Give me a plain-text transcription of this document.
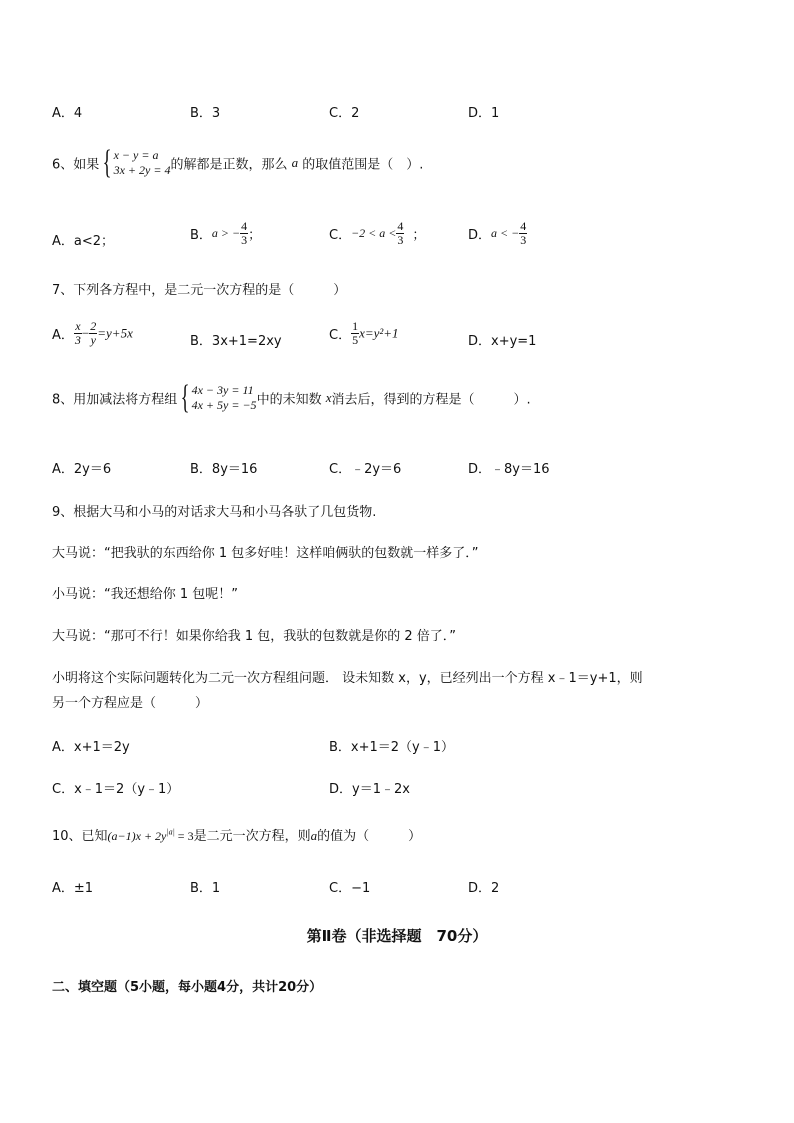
A．4	B．3	C．2	D．1
6、如果 { x − y = a
3x + 2y = 4 的解都是正数，那么 a 的取值范围是（　）.
A．a<2；	B．a > − $\frac{4}{3}$ ；	C．$-2 < a < \frac{4}{3}$ ；	D．a < − $\frac{4}{3}$
7、下列各方程中，是二元一次方程的是（　　　）
A． $\frac{x}{3} - \frac{2}{y} =y+5x$
B．3x+1=2xy	C． $\frac{1}{5} x=y^2+1$
D．x+y=1
8、用加减法将方程组 { 4x − 3y = 11
4x + 5y = −5 中的未知数 x消去后，得到的方程是（　　　）.
A．2y＝6	B．8y＝16	C．﹣2y＝6	D．﹣8y＝16
9、根据大马和小马的对话求大马和小马各驮了几包货物.
大马说：“把我驮的东西给你 1 包多好哇！这样咱俩驮的包数就一样多了．”
小马说：“我还想给你 1 包呢！”
大马说：“那可不行！如果你给我 1 包，我驮的包数就是你的 2 倍了．”
小明将这个实际问题转化为二元一次方程组问题． 设未知数 x，y，已经列出一个方程 x﹣1＝y+1，则
另一个方程应是（　　　）
A．x+1＝2y	B．x+1＝2（y﹣1）
C．x﹣1＝2（y﹣1）	D．y＝1﹣2x
10、已知$(a-1)x + 2y^{|a|} = 3$是二元一次方程，则a的值为（　　　）
A．±1	B．1	C．−1	D．2
第Ⅱ卷（非选择题　70分）
二、填空题（5小题，每小题4分，共计20分）
